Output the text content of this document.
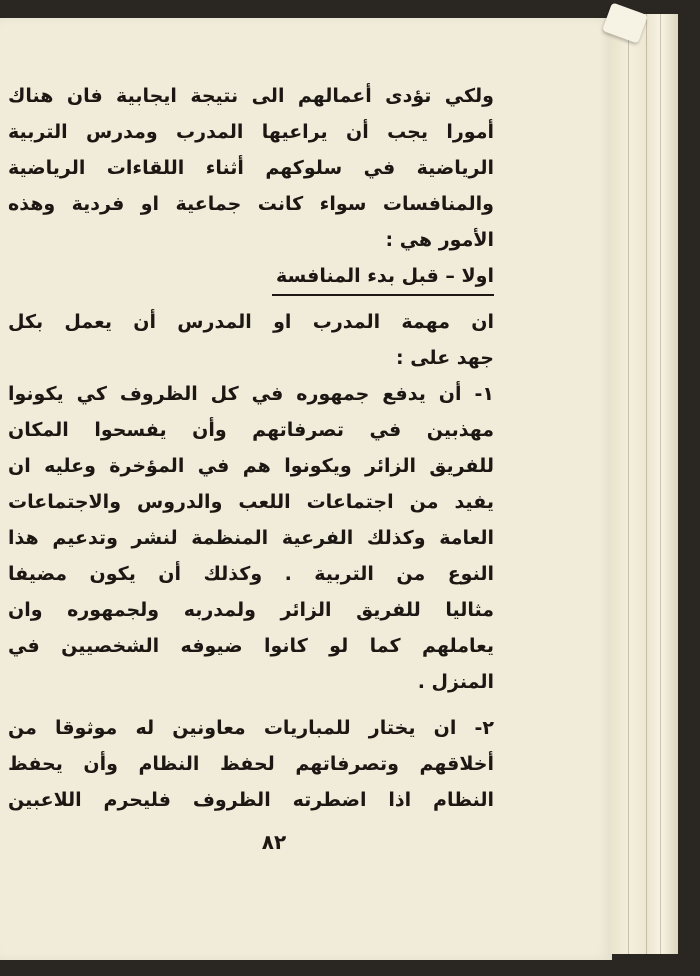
ولكي تؤدى أعمالهم الى نتيجة ايجابية فان هناك
أمورا يجب أن يراعيها المدرب ومدرس التربية
الرياضية في سلوكهم أثناء اللقاءات الرياضية
والمنافسات سواء كانت جماعية او فردية وهذه
الأمور هي :
اولا – قبل بدء المنافسة
ان مهمة المدرب او المدرس أن يعمل بكل
جهد على :
١- أن يدفع جمهوره في كل الظروف كي يكونوا
مهذبين في تصرفاتهم وأن يفسحوا المكان
للفريق الزائر ويكونوا هم في المؤخرة وعليه ان
يفيد من اجتماعات اللعب والدروس والاجتماعات
العامة وكذلك الفرعية المنظمة لنشر وتدعيم هذا
النوع من التربية . وكذلك أن يكون مضيفا
مثاليا للفريق الزائر ولمدربه ولجمهوره وان
يعاملهم كما لو كانوا ضيوفه الشخصيين في
المنزل .
٢- ان يختار للمباريات معاونين له موثوقا من
أخلاقهم وتصرفاتهم لحفظ النظام وأن يحفظ
النظام اذا اضطرته الظروف فليحرم اللاعبين
٨٢
